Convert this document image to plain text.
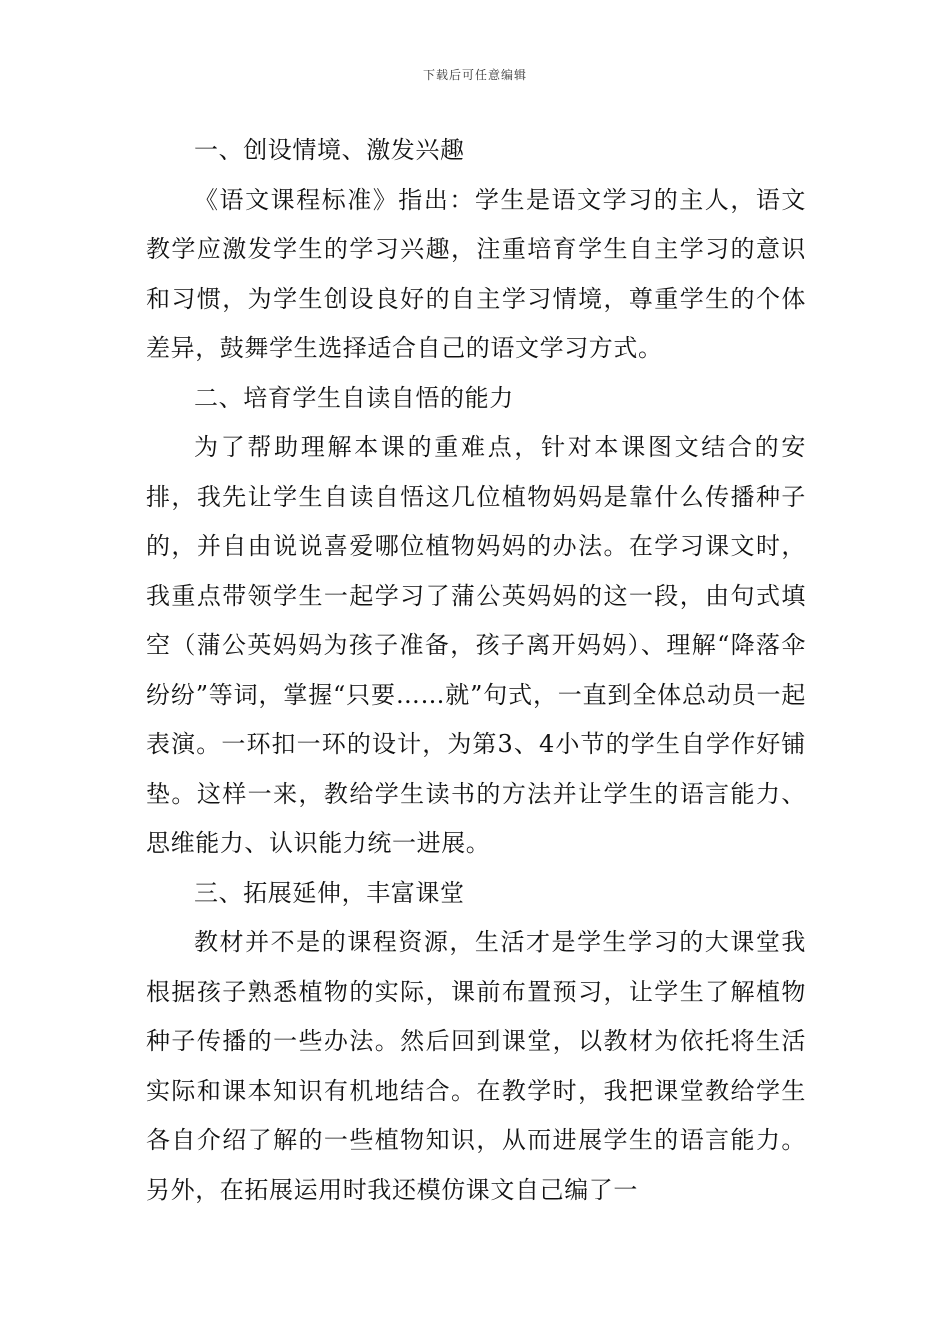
下载后可任意编辑

一、创设情境、激发兴趣

《语文课程标准》指出：学生是语文学习的主人，语文教学应激发学生的学习兴趣，注重培育学生自主学习的意识和习惯，为学生创设良好的自主学习情境，尊重学生的个体差异，鼓舞学生选择适合自己的语文学习方式。

二、培育学生自读自悟的能力

为了帮助理解本课的重难点，针对本课图文结合的安排，我先让学生自读自悟这几位植物妈妈是靠什么传播种子的，并自由说说喜爱哪位植物妈妈的办法。在学习课文时，我重点带领学生一起学习了蒲公英妈妈的这一段，由句式填空（蒲公英妈妈为孩子准备，孩子离开妈妈）、理解“降落伞纷纷”等词，掌握“只要……就”句式，一直到全体总动员一起表演。一环扣一环的设计，为第3、4小节的学生自学作好铺垫。这样一来，教给学生读书的方法并让学生的语言能力、思维能力、认识能力统一进展。

三、拓展延伸，丰富课堂

教材并不是的课程资源，生活才是学生学习的大课堂我根据孩子熟悉植物的实际，课前布置预习，让学生了解植物种子传播的一些办法。然后回到课堂，以教材为依托将生活实际和课本知识有机地结合。在教学时，我把课堂教给学生各自介绍了解的一些植物知识，从而进展学生的语言能力。另外，在拓展运用时我还模仿课文自己编了一
